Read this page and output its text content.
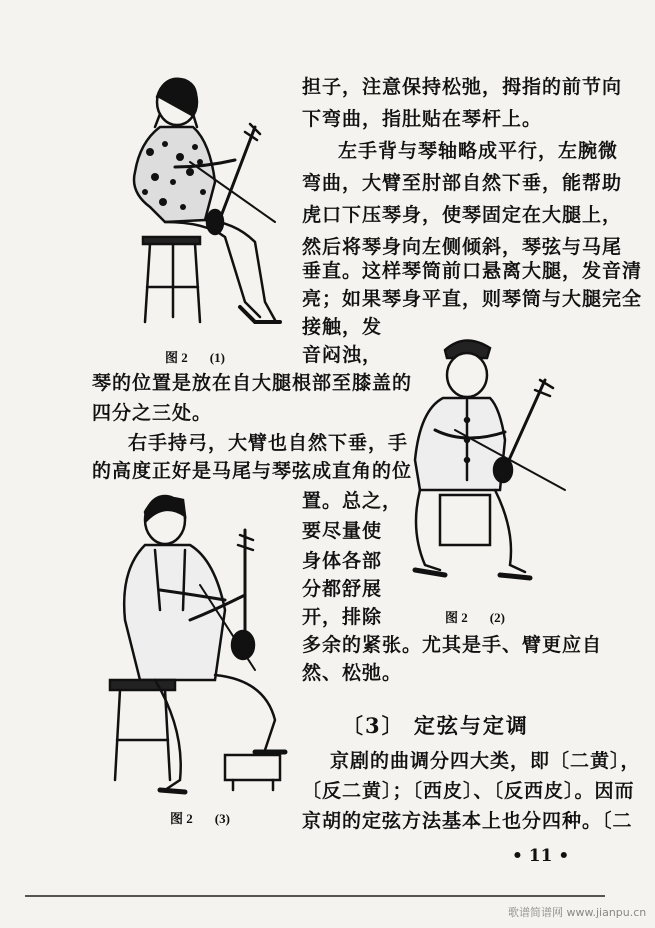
图 2 (1)
图 2 (2)
图 2 (3)
担子，注意保持松弛，拇指的前节向
下弯曲，指肚贴在琴杆上。
左手背与琴轴略成平行，左腕微
弯曲，大臂至肘部自然下垂，能帮助
虎口下压琴身，使琴固定在大腿上，
然后将琴身向左侧倾斜，琴弦与马尾
垂直。这样琴筒前口悬离大腿，发音清
亮；如果琴身平直，则琴筒与大腿完全
接触，发
音闷浊，
琴的位置是放在自大腿根部至膝盖的
四分之三处。
右手持弓，大臂也自然下垂，手
的高度正好是马尾与琴弦成直角的位
置。总之，
要尽量使
身体各部
分都舒展
开，排除
多余的紧张。尤其是手、臂更应自
然、松弛。
〔3〕 定弦与定调
京剧的曲调分四大类，即〔二黄〕，
〔反二黄〕；〔西皮〕、〔反西皮〕。因而
京胡的定弦方法基本上也分四种。〔二
• 11 •
歌谱简谱网 www.jianpu.cn
